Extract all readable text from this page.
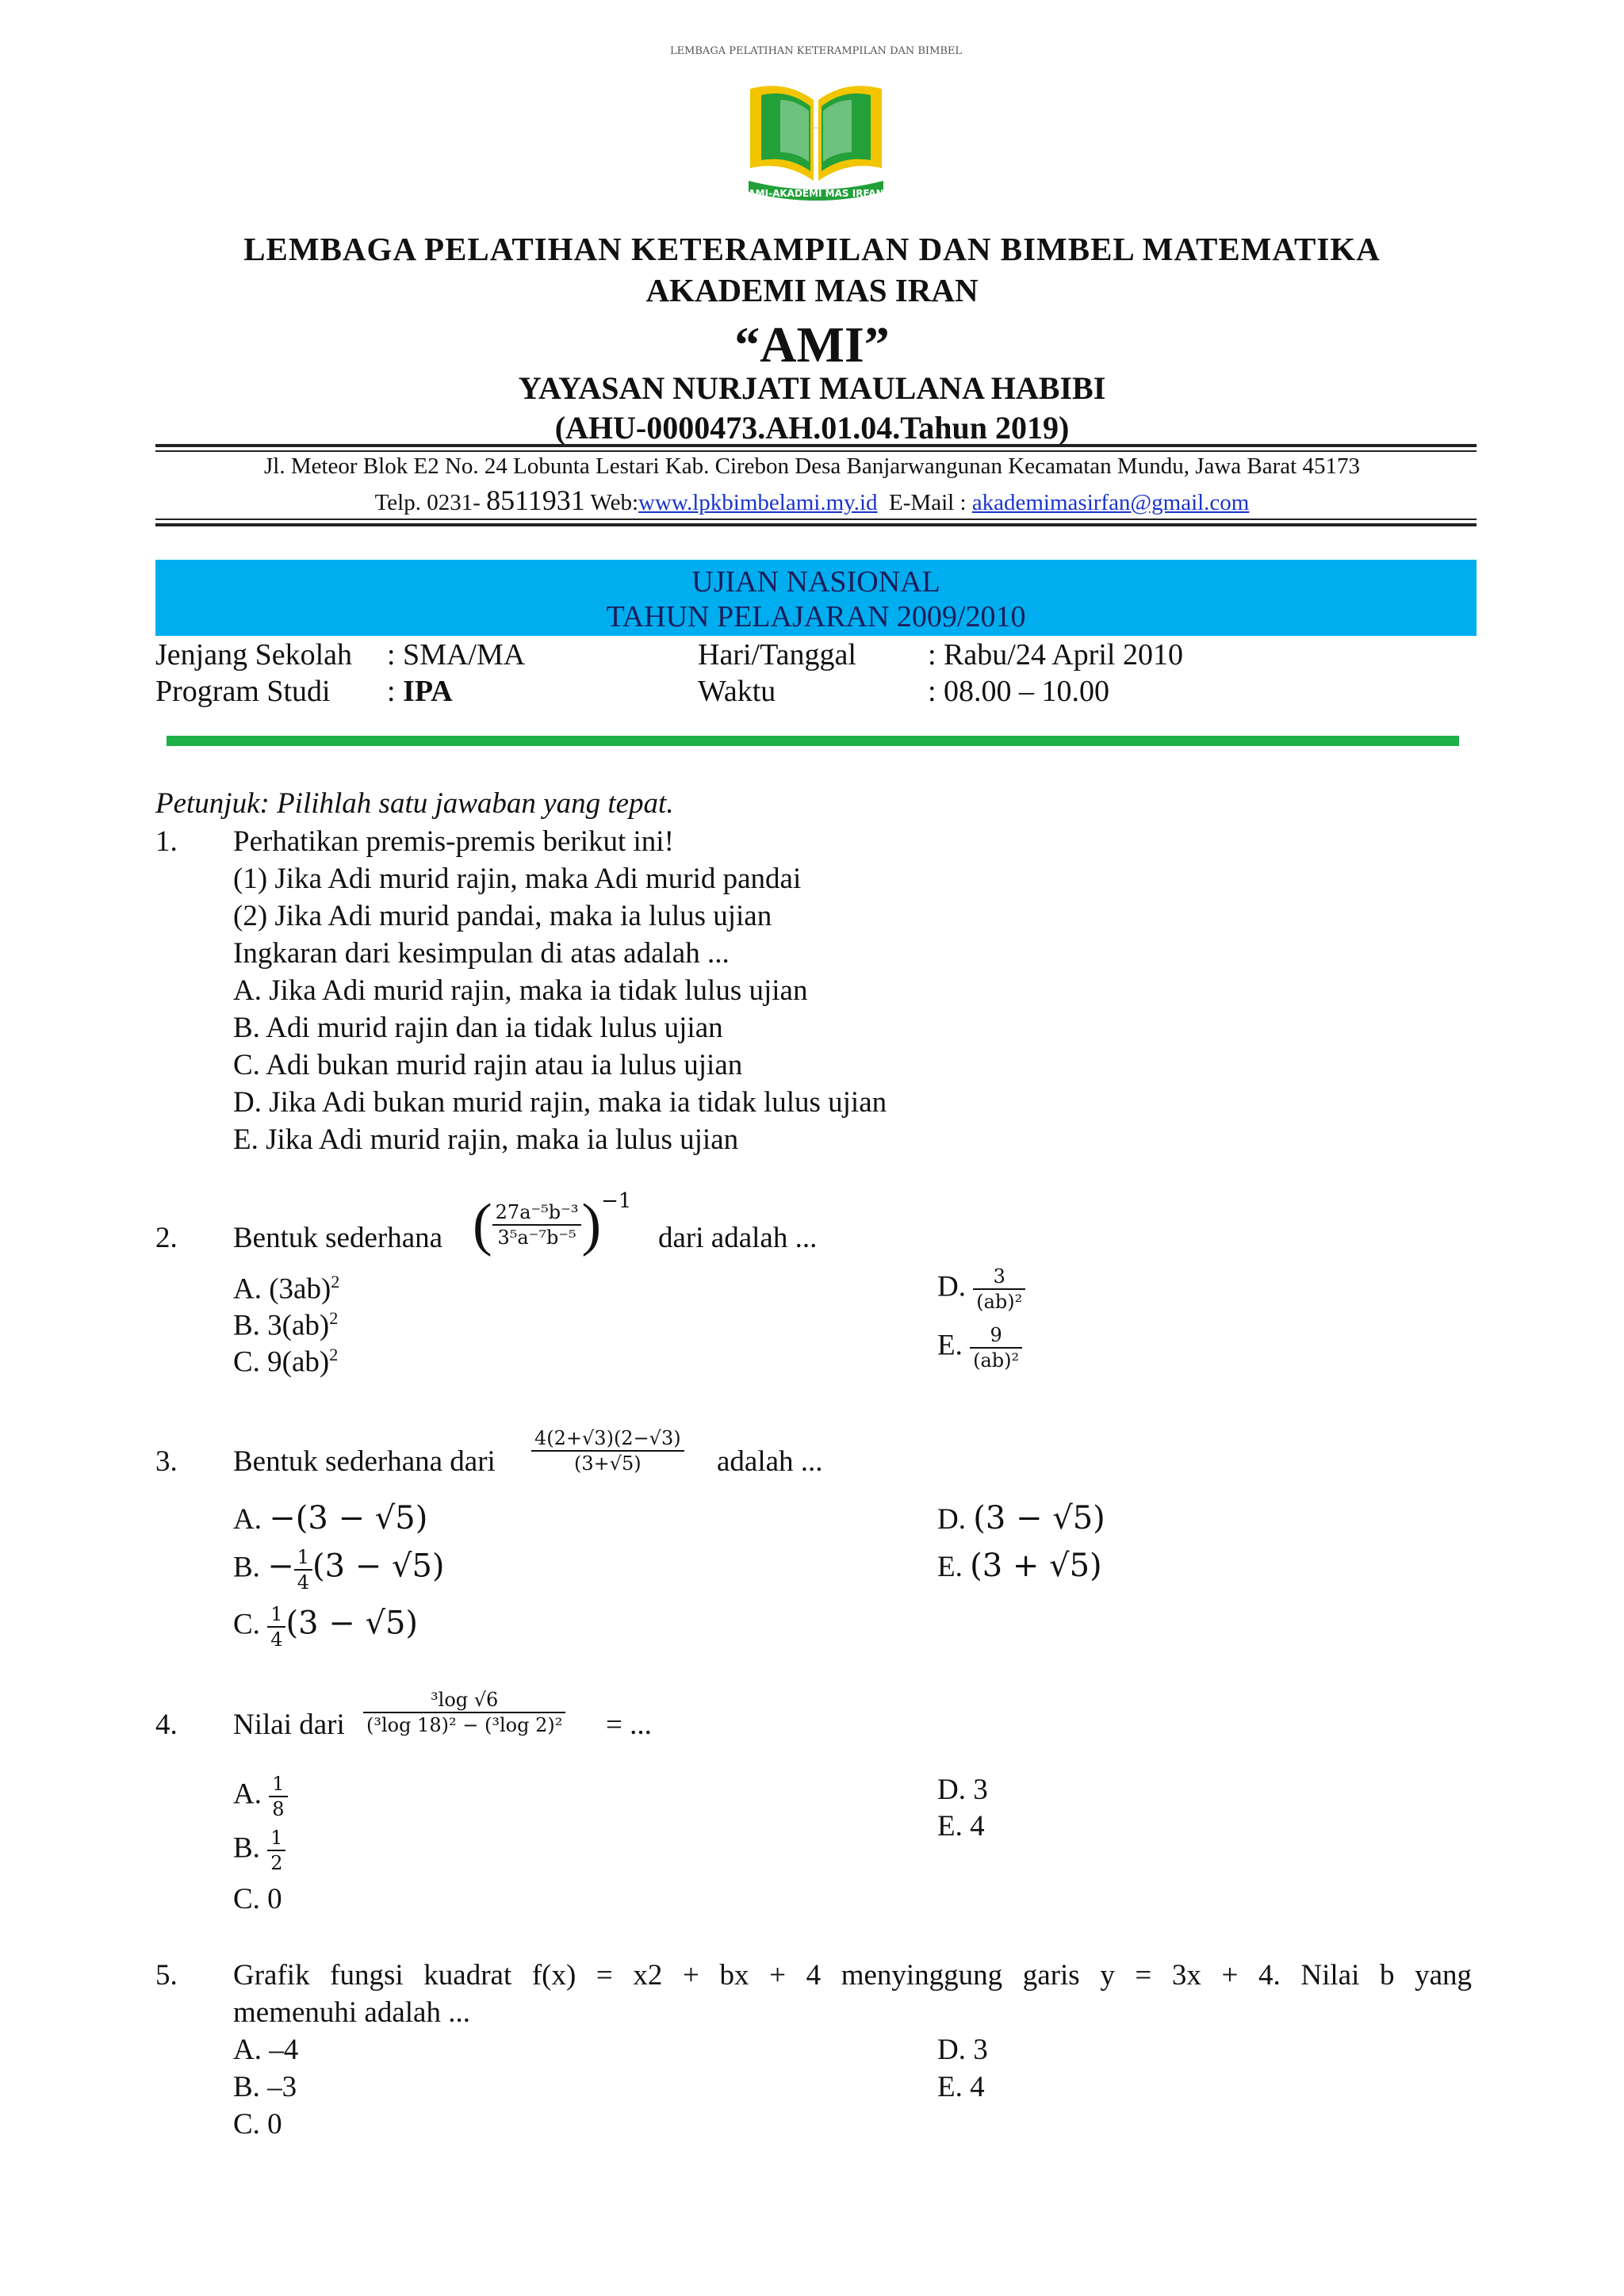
LEMBAGA PELATIHAN KETERAMPILAN DAN BIMBEL
AMI-AKADEMI MAS IRFAN
LEMBAGA PELATIHAN KETERAMPILAN DAN BIMBEL MATEMATIKA
AKADEMI MAS IRAN
“AMI”
YAYASAN NURJATI MAULANA HABIBI
(AHU-0000473.AH.01.04.Tahun 2019)
Jl. Meteor Blok E2 No. 24 Lobunta Lestari Kab. Cirebon Desa Banjarwangunan Kecamatan Mundu, Jawa Barat 45173
Telp. 0231- 8511931 Web:www.lpkbimbelami.my.id E-Mail : akademimasirfan@gmail.com
UJIAN NASIONAL
TAHUN PELAJARAN 2009/2010
Jenjang Sekolah : SMA/MA	Hari/Tanggal : Rabu/24 April 2010
Program Studi : IPA	Waktu	: 08.00 – 10.00
Petunjuk: Pilihlah satu jawaban yang tepat.
1. Perhatikan premis-premis berikut ini!
(1) Jika Adi murid rajin, maka Adi murid pandai
(2) Jika Adi murid pandai, maka ia lulus ujian
Ingkaran dari kesimpulan di atas adalah ...
A. Jika Adi murid rajin, maka ia tidak lulus ujian
B. Adi murid rajin dan ia tidak lulus ujian
C. Adi bukan murid rajin atau ia lulus ujian
D. Jika Adi bukan murid rajin, maka ia tidak lulus ujian
E. Jika Adi murid rajin, maka ia lulus ujian
2. Bentuk sederhana ( $\frac{\text{27a⁻⁵b⁻³}}{\text{3⁵a⁻⁷b⁻⁵}} )^{-1}$
dari adalah ...
A. $(3ab)^2$
B. 3(ab)$^2$
C. 9(ab)$^2$
D. $\frac{3}{\text{(ab)²}}$
E. $\frac{9}{\text{(ab)²}}$
3. Bentuk sederhana dari $\frac{4(2+√3)(2-√3)}{(3+√5)}$ adalah ...
A. −(3 − √5)
B. − $\frac{1}{4} (3 - √5)$
C. $\frac{1}{4} (3 - √5)$
D. (3 − √5)
E. (3 + √5)
4. Nilai dari $\frac{\text{³log √6}}{\text{(³log 18)² − (³log 2)²}}$ = ...
A. $\frac{1}{8}$
B. $\frac{1}{2}$
C. 0
D. 3
E. 4
5. Grafik fungsi kuadrat f(x) = x2 + bx + 4 menyinggung garis y = 3x + 4. Nilai b yang
memenuhi adalah ...
A. –4
B. –3
C. 0
D. 3
E. 4
